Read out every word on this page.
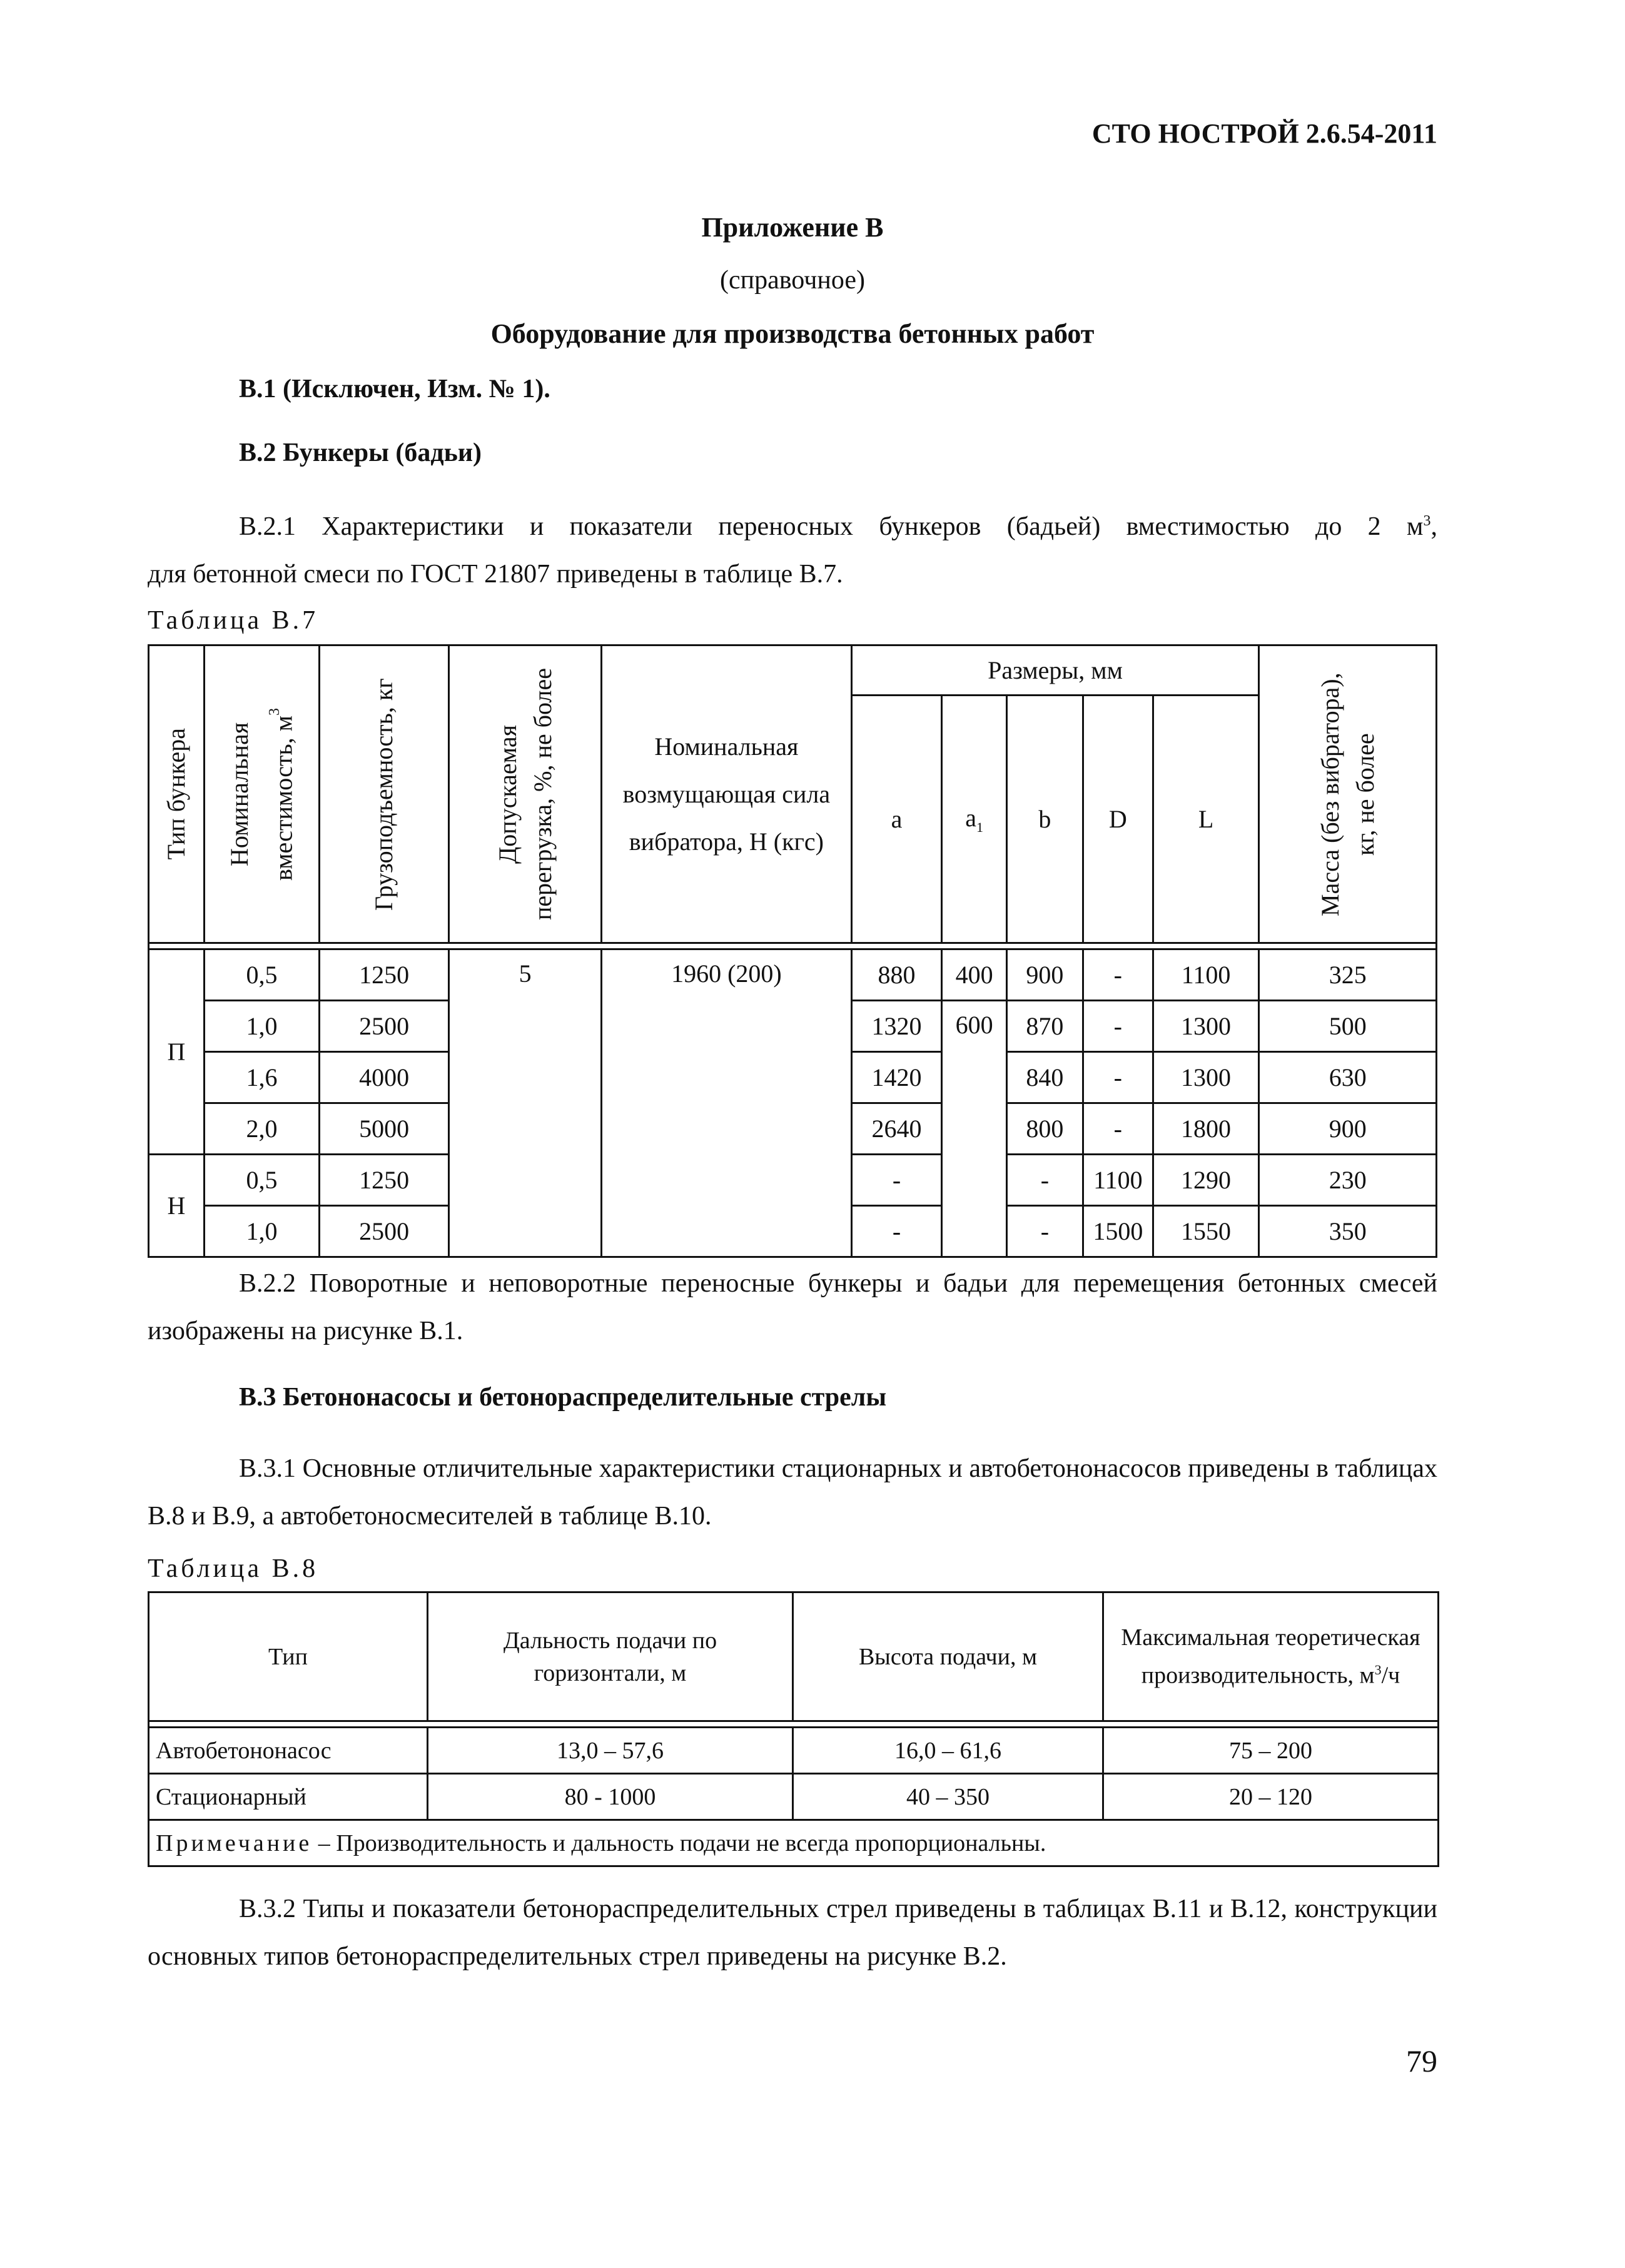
СТО НОСТРОЙ 2.6.54-2011
Приложение В
(справочное)
Оборудование для производства бетонных работ
В.1 (Исключен, Изм. № 1).
В.2 Бункеры (бадьи)
В.2.1 Характеристики и показатели переносных бункеров (бадьей) вместимостью до 2 $м^3$,
для бетонной смеси по ГОСТ 21807 приведены в таблице В.7.
Таблица В.7
Тип бункера	Номинальная вместимость, $м^3$	Грузоподъемность, кг	Допускаемая перегрузка, %, не более	Номинальная возмущающая сила вибратора, Н (кгс)	Размеры, мм					Масса (без вибратора), кг, не более

					a	$a_1$	b	D	L	

П	0,5	1250	5	1960 (200)	880	400	900	-	1100	325
	1,0	2500			1320	600	870	-	1300	500
	1,6	4000			1420		840	-	1300	630
	2,0	5000			2640		800	-	1800	900
Н	0,5	1250			-		-	1100	1290	230
	1,0	2500			-		-	1500	1550	350
В.2.2 Поворотные и неповоротные переносные бункеры и бадьи для перемещения бетонных смесей изображены на рисунке В.1.
В.3 Бетононасосы и бетонораспределительные стрелы
В.3.1 Основные отличительные характеристики стационарных и автобетононасосов приведены в таблицах В.8 и В.9, а автобетоносмесителей в таблице В.10.
Таблица В.8
Тип	Дальность подачи по горизонтали, м	Высота подачи, м	Максимальная теоретическая производительность, $м^3/ч$

Автобетононасос	13,0 – 57,6	16,0 – 61,6	75 – 200
Стационарный	80 - 1000	40 – 350	20 – 120
Примечание – Производительность и дальность подачи не всегда пропорциональны.			
В.3.2 Типы и показатели бетонораспределительных стрел приведены в таблицах В.11 и В.12, конструкции основных типов бетонораспределительных стрел приведены на рисунке В.2.
79
